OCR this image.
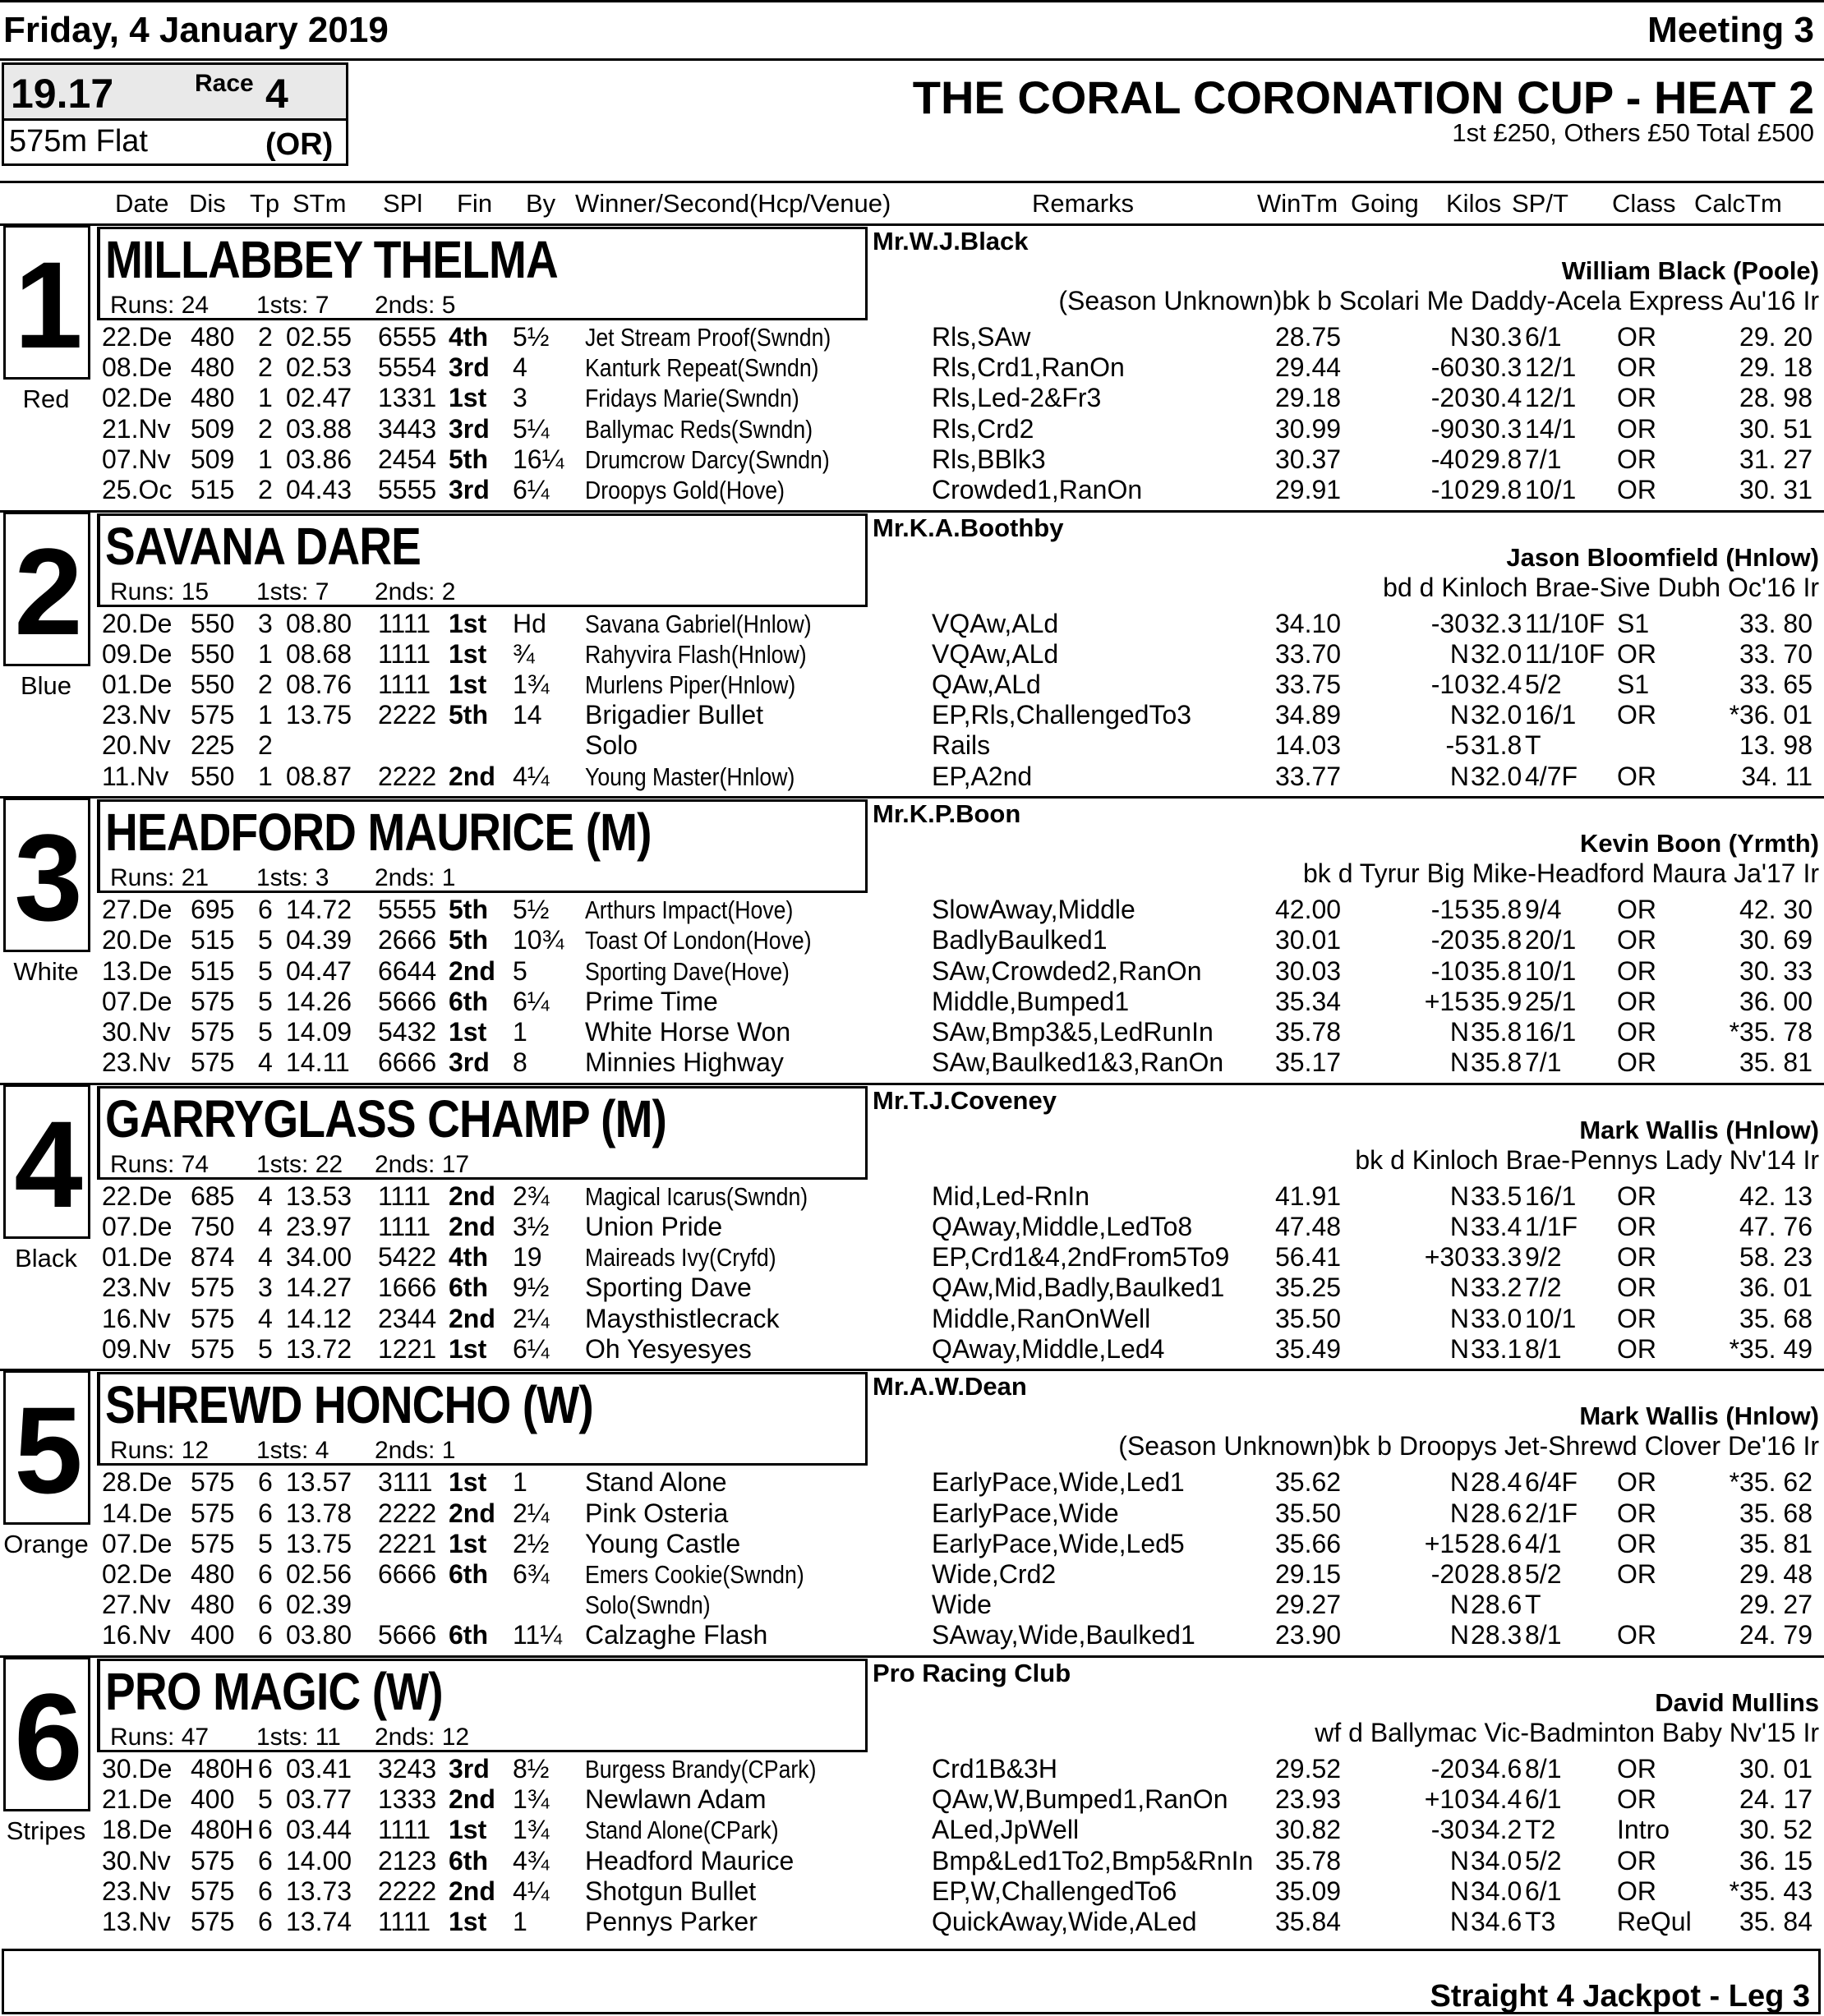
Friday, 4 January 2019	Meeting 3
19.17	Race 4
575m Flat	(OR)
THE CORAL CORONATION CUP - HEAT 2
1st £250, Others £50 Total £500
Date Dis Tp STm SPl Fin By Winner/Second(Hcp/Venue)	Remarks	WinTm Going Kilos SP/T Class CalcTm
1
Red
MILLABBEY THELMA
Runs: 24 1sts: 7 2nds: 5
Mr.W.J.Black
William Black (Poole)
(Season Unknown)bk b Scolari Me Daddy-Acela Express Au'16 Ir
22.De 480 2 02.55 6555 4th 5½ Jet Stream Proof(Swndn)	Rls,SAw	28.75	N 30.3 6/1 OR	29. 20
08.De 480 2 02.53 5554 3rd 4 Kanturk Repeat(Swndn)	Rls,Crd1,RanOn	29.44	-60 30.3 12/1 OR	29. 18
02.De 480 1 02.47 1331 1st 3 Fridays Marie(Swndn)	Rls,Led-2&Fr3	29.18	-20 30.4 12/1 OR	28. 98
21.Nv 509 2 03.88 3443 3rd 5¼ Ballymac Reds(Swndn)	Rls,Crd2	30.99	-90 30.3 14/1 OR	30. 51
07.Nv 509 1 03.86 2454 5th 16¼ Drumcrow Darcy(Swndn)	Rls,BBlk3	30.37	-40 29.8 7/1 OR	31. 27
25.Oc 515 2 04.43 5555 3rd 6¼ Droopys Gold(Hove)	Crowded1,RanOn	29.91	-10 29.8 10/1 OR	30. 31
2
Blue
SAVANA DARE
Runs: 15 1sts: 7 2nds: 2
Mr.K.A.Boothby
Jason Bloomfield (Hnlow)
bd d Kinloch Brae-Sive Dubh Oc'16 Ir
20.De 550 3 08.80 1111 1st Hd Savana Gabriel(Hnlow)	VQAw,ALd	34.10	-30 32.3 11/10F S1	33. 80
09.De 550 1 08.68 1111 1st ¾ Rahyvira Flash(Hnlow)	VQAw,ALd	33.70	N 32.0 11/10F OR	33. 70
01.De 550 2 08.76 1111 1st 1¾ Murlens Piper(Hnlow)	QAw,ALd	33.75	-10 32.4 5/2 S1	33. 65
23.Nv 575 1 13.75 2222 5th 14 Brigadier Bullet	EP,Rls,ChallengedTo3	34.89	N 32.0 16/1 OR	*36. 01
20.Nv 225 2	Solo	Rails	14.03	-5 31.8 T	13. 98
11.Nv 550 1 08.87 2222 2nd 4¼ Young Master(Hnlow)	EP,A2nd	33.77	N 32.0 4/7F OR	34. 11
3
White
HEADFORD MAURICE (M)
Runs: 21 1sts: 3 2nds: 1
Mr.K.P.Boon
Kevin Boon (Yrmth)
bk d Tyrur Big Mike-Headford Maura Ja'17 Ir
27.De 695 6 14.72 5555 5th 5½ Arthurs Impact(Hove)	SlowAway,Middle	42.00	-15 35.8 9/4 OR	42. 30
20.De 515 5 04.39 2666 5th 10¾ Toast Of London(Hove)	BadlyBaulked1	30.01	-20 35.8 20/1 OR	30. 69
13.De 515 5 04.47 6644 2nd 5 Sporting Dave(Hove)	SAw,Crowded2,RanOn	30.03	-10 35.8 10/1 OR	30. 33
07.De 575 5 14.26 5666 6th 6¼ Prime Time	Middle,Bumped1	35.34	+15 35.9 25/1 OR	36. 00
30.Nv 575 5 14.09 5432 1st 1 White Horse Won	SAw,Bmp3&5,LedRunIn 35.78	N 35.8 16/1 OR	*35. 78
23.Nv 575 4 14.11 6666 3rd 8 Minnies Highway	SAw,Baulked1&3,RanOn 35.17	N 35.8 7/1 OR	35. 81
4
Black
GARRYGLASS CHAMP (M)
Runs: 74 1sts: 22 2nds: 17
Mr.T.J.Coveney
Mark Wallis (Hnlow)
bk d Kinloch Brae-Pennys Lady Nv'14 Ir
22.De 685 4 13.53 1111 2nd 2¾ Magical Icarus(Swndn)	Mid,Led-RnIn	41.91	N 33.5 16/1 OR	42. 13
07.De 750 4 23.97 1111 2nd 3½ Union Pride	QAway,Middle,LedTo8	47.48	N 33.4 1/1F OR	47. 76
01.De 874 4 34.00 5422 4th 19 Maireads Ivy(Cryfd)	EP,Crd1&4,2ndFrom5To9 56.41	+30 33.3 9/2 OR	58. 23
23.Nv 575 3 14.27 1666 6th 9½ Sporting Dave	QAw,Mid,Badly,Baulked1 35.25	N 33.2 7/2 OR	36. 01
16.Nv 575 4 14.12 2344 2nd 2¼ Maysthistlecrack	Middle,RanOnWell	35.50	N 33.0 10/1 OR	35. 68
09.Nv 575 5 13.72 1221 1st 6¼ Oh Yesyesyes	QAway,Middle,Led4	35.49	N 33.1 8/1 OR	*35. 49
5
Orange
SHREWD HONCHO (W)
Runs: 12 1sts: 4 2nds: 1
Mr.A.W.Dean
Mark Wallis (Hnlow)
(Season Unknown)bk b Droopys Jet-Shrewd Clover De'16 Ir
28.De 575 6 13.57 3111 1st 1 Stand Alone	EarlyPace,Wide,Led1	35.62	N 28.4 6/4F OR	*35. 62
14.De 575 6 13.78 2222 2nd 2¼ Pink Osteria	EarlyPace,Wide	35.50	N 28.6 2/1F OR	35. 68
07.De 575 5 13.75 2221 1st 2½ Young Castle	EarlyPace,Wide,Led5	35.66	+15 28.6 4/1 OR	35. 81
02.De 480 6 02.56 6666 6th 6¾ Emers Cookie(Swndn)	Wide,Crd2	29.15	-20 28.8 5/2 OR	29. 48
27.Nv 480 6 02.39	Solo(Swndn)	Wide	29.27	N 28.6 T	29. 27
16.Nv 400 6 03.80 5666 6th 11¼ Calzaghe Flash	SAway,Wide,Baulked1	23.90	N 28.3 8/1 OR	24. 79
6
Stripes
PRO MAGIC (W)
Runs: 47 1sts: 11 2nds: 12
Pro Racing Club
David Mullins
wf d Ballymac Vic-Badminton Baby Nv'15 Ir
30.De 480H 6 03.41 3243 3rd 8½ Burgess Brandy(CPark)	Crd1B&3H	29.52	-20 34.6 8/1 OR	30. 01
21.De 400 5 03.77 1333 2nd 1¾ Newlawn Adam	QAw,W,Bumped1,RanOn 23.93	+10 34.4 6/1 OR	24. 17
18.De 480H 6 03.44 1111 1st 1¾ Stand Alone(CPark)	ALed,JpWell	30.82	-30 34.2 T2 Intro	30. 52
30.Nv 575 6 14.00 2123 6th 4¾ Headford Maurice	Bmp&Led1To2,Bmp5&RnIn 35.78	N 34.0 5/2 OR	36. 15
23.Nv 575 6 13.73 2222 2nd 4¼ Shotgun Bullet	EP,W,ChallengedTo6	35.09	N 34.0 6/1 OR	*35. 43
13.Nv 575 6 13.74 1111 1st 1 Pennys Parker	QuickAway,Wide,ALed	35.84	N 34.6 T3 ReQul	35. 84
Straight 4 Jackpot - Leg 3
